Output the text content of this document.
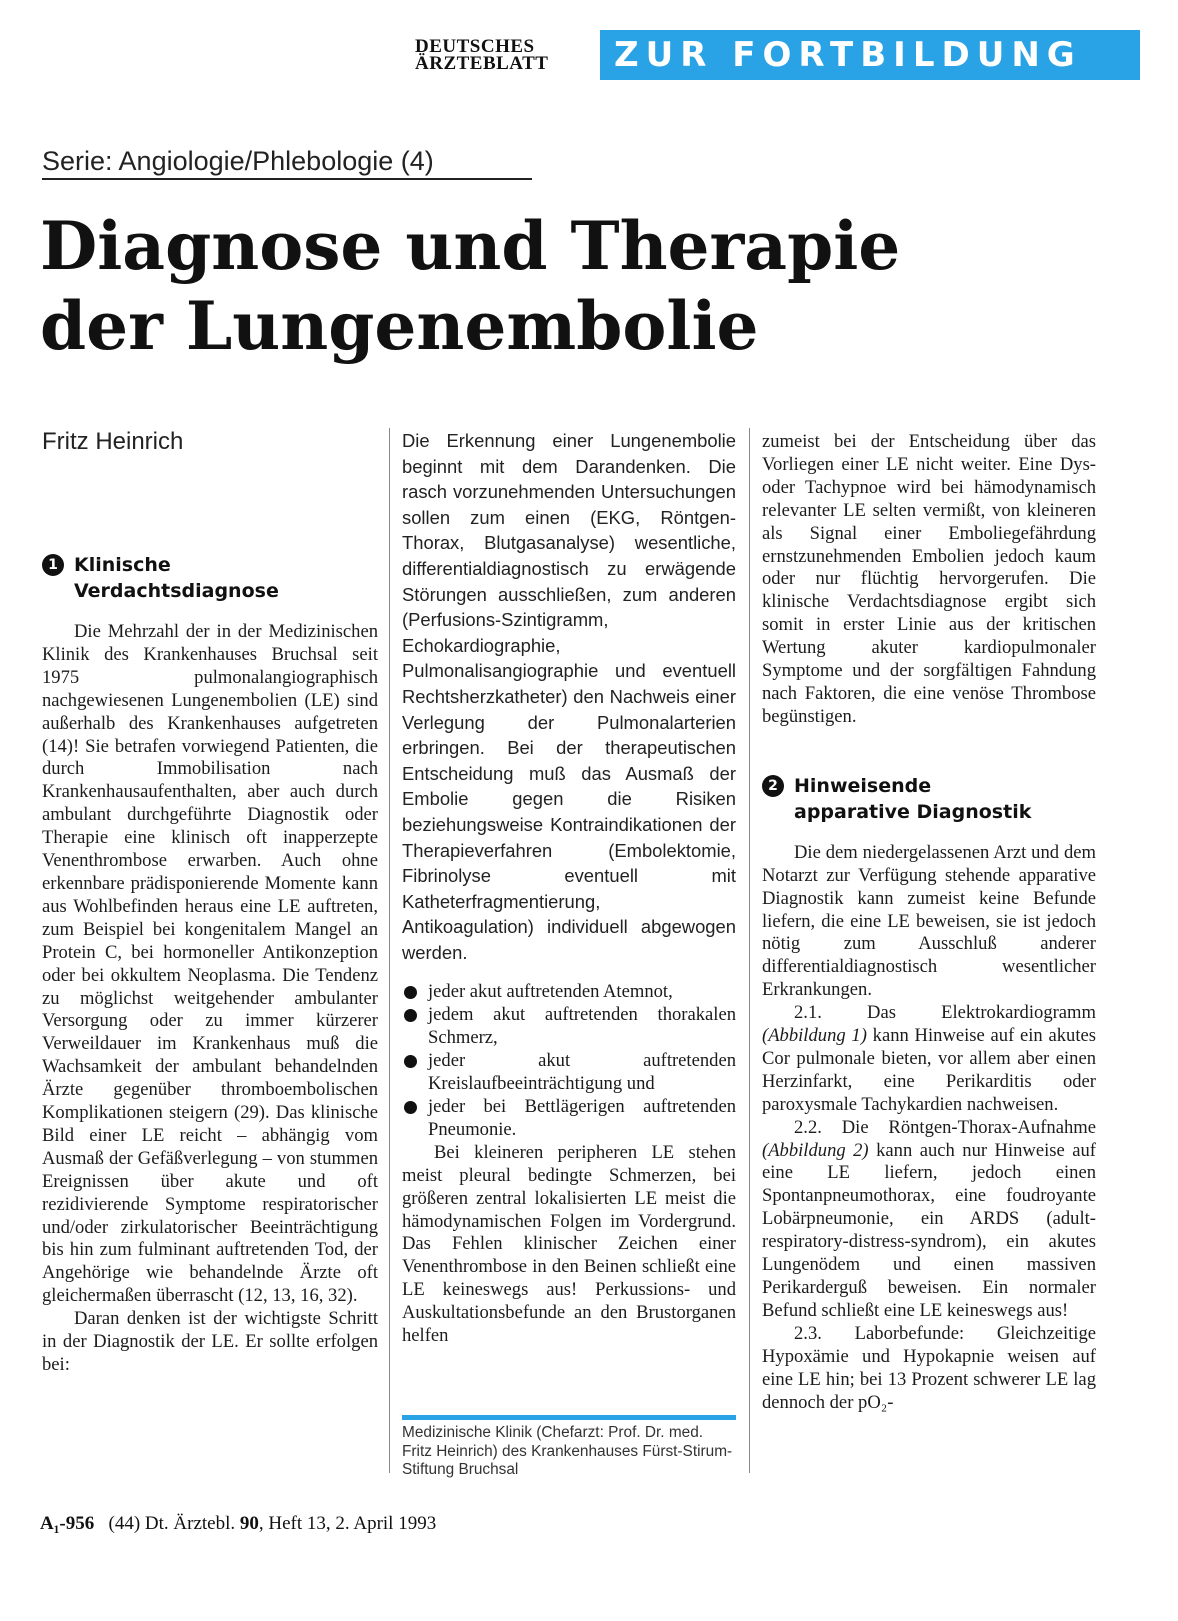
DEUTSCHES
ÄRZTEBLATT	ZUR FORTBILDUNG
Serie: Angiologie/Phlebologie (4)
Diagnose und Therapie
der Lungenembolie

Fritz Heinrich

1 Klinische
Verdachtsdiagnose

Die Mehrzahl der in der Medizinischen Klinik des Krankenhauses Bruchsal seit 1975 pulmonalangiographisch nachgewiesenen Lungenembolien (LE) sind außerhalb des Krankenhauses aufgetreten (14)! Sie betrafen vorwiegend Patienten, die durch Immobilisation nach Krankenhausaufenthalten, aber auch durch ambulant durchgeführte Diagnostik oder Therapie eine klinisch oft inapperzepte Venenthrombose erwarben. Auch ohne erkennbare prädisponierende Momente kann aus Wohlbefinden heraus eine LE auftreten, zum Beispiel bei kongenitalem Mangel an Protein C, bei hormoneller Antikonzeption oder bei okkultem Neoplasma. Die Tendenz zu möglichst weitgehender ambulanter Versorgung oder zu immer kürzerer Verweildauer im Krankenhaus muß die Wachsamkeit der ambulant behandelnden Ärzte gegenüber thromboembolischen Komplikationen steigern (29). Das klinische Bild einer LE reicht – abhängig vom Ausmaß der Gefäßverlegung – von stummen Ereignissen über akute und oft rezidivierende Symptome respiratorischer und/oder zirkulatorischer Beeinträchtigung bis hin zum fulminant auftretenden Tod, der Angehörige wie behandelnde Ärzte oft gleichermaßen überrascht (12, 13, 16, 32).

Daran denken ist der wichtigste Schritt in der Diagnostik der LE. Er sollte erfolgen bei:

Die Erkennung einer Lungenembolie beginnt mit dem Darandenken. Die rasch vorzunehmenden Untersuchungen sollen zum einen (EKG, Röntgen-Thorax, Blutgasanalyse) wesentliche, differentialdiagnostisch zu erwägende Störungen ausschließen, zum anderen (Perfusions-Szintigramm, Echokardiographie, Pulmonalisangiographie und eventuell Rechtsherzkatheter) den Nachweis einer Verlegung der Pulmonalarterien erbringen. Bei der therapeutischen Entscheidung muß das Ausmaß der Embolie gegen die Risiken beziehungsweise Kontraindikationen der Therapieverfahren (Embolektomie, Fibrinolyse eventuell mit Katheterfragmentierung, Antikoagulation) individuell abgewogen werden.

jeder akut auftretenden Atemnot,
jedem akut auftretenden thorakalen Schmerz,
jeder akut auftretenden Kreislaufbeeinträchtigung und
jeder bei Bettlägerigen auftretenden Pneumonie.

Bei kleineren peripheren LE stehen meist pleural bedingte Schmerzen, bei größeren zentral lokalisierten LE meist die hämodynamischen Folgen im Vordergrund. Das Fehlen klinischer Zeichen einer Venenthrombose in den Beinen schließt eine LE keineswegs aus! Perkussions- und Auskultationsbefunde an den Brustorganen helfen

Medizinische Klinik (Chefarzt: Prof. Dr. med. Fritz Heinrich) des Krankenhauses Fürst-Stirum-Stiftung Bruchsal

zumeist bei der Entscheidung über das Vorliegen einer LE nicht weiter. Eine Dys- oder Tachypnoe wird bei hämodynamisch relevanter LE selten vermißt, von kleineren als Signal einer Emboliegefährdung ernstzunehmenden Embolien jedoch kaum oder nur flüchtig hervorgerufen. Die klinische Verdachtsdiagnose ergibt sich somit in erster Linie aus der kritischen Wertung akuter kardiopulmonaler Symptome und der sorgfältigen Fahndung nach Faktoren, die eine venöse Thrombose begünstigen.

2 Hinweisende
apparative Diagnostik

Die dem niedergelassenen Arzt und dem Notarzt zur Verfügung stehende apparative Diagnostik kann zumeist keine Befunde liefern, die eine LE beweisen, sie ist jedoch nötig zum Ausschluß anderer differentialdiagnostisch wesentlicher Erkrankungen.

2.1. Das Elektrokardiogramm (Abbildung 1) kann Hinweise auf ein akutes Cor pulmonale bieten, vor allem aber einen Herzinfarkt, eine Perikarditis oder paroxysmale Tachykardien nachweisen.

2.2. Die Röntgen-Thorax-Aufnahme (Abbildung 2) kann auch nur Hinweise auf eine LE liefern, jedoch einen Spontanpneumothorax, eine foudroyante Lobärpneumonie, ein ARDS (adult-respiratory-distress-syndrom), ein akutes Lungenödem und einen massiven Perikarderguß beweisen. Ein normaler Befund schließt eine LE keineswegs aus!

2.3. Laborbefunde: Gleichzeitige Hypoxämie und Hypokapnie weisen auf eine LE hin; bei 13 Prozent schwerer LE lag dennoch der pO₂-

A₁-956 (44) Dt. Ärztebl. 90, Heft 13, 2. April 1993
